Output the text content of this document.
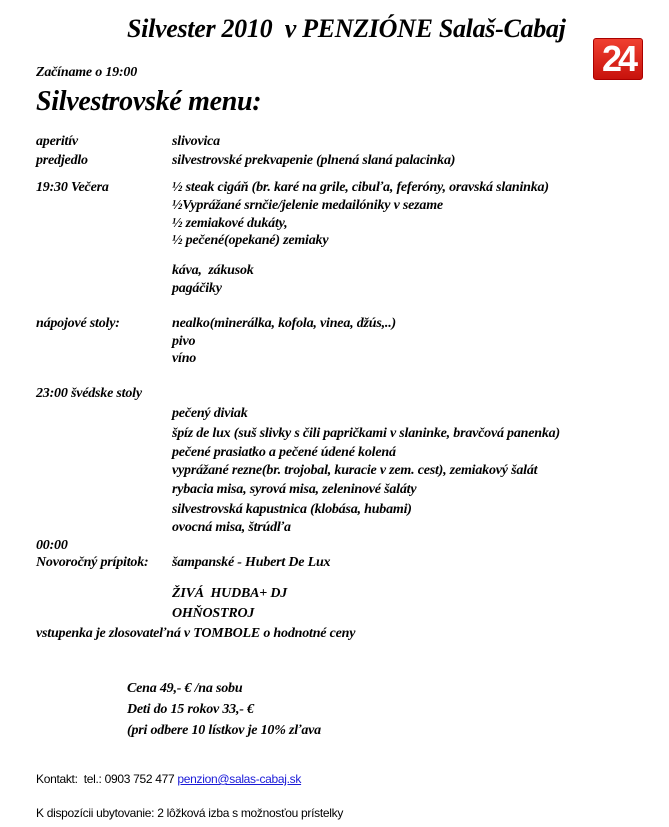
Silvester 2010  v PENZIÓNE Salaš-Cabaj
24
Začíname o 19:00
Silvestrovské menu:
aperitív	slivovica
predjedlo	silvestrovské prekvapenie (plnená slaná palacinka)
19:30 Večera	½ steak cigáň (br. karé na grile, cibuľa, feferóny, oravská slaninka)
½Vyprážané srnčie/jelenie medailóniky v sezame
½ zemiakové dukáty,
½ pečené(opekané) zemiaky
káva,  zákusok
pagáčiky
nápojové stoly:	nealko(minerálka, kofola, vinea, džús,..)
pivo
víno
23:00 švédske stoly
pečený diviak
špíz de lux (suš slivky s čili papričkami v slaninke, bravčová panenka)
pečené prasiatko a pečené údené kolená
vyprážané rezne(br. trojobal, kuracie v zem. cest), zemiakový šalát
rybacia misa, syrová misa, zeleninové šaláty
silvestrovská kapustnica (klobása, hubami)
ovocná misa, štrúdľa
00:00
Novoročný prípitok: šampanské - Hubert De Lux
ŽIVÁ  HUDBA+ DJ
OHŇOSTROJ
vstupenka je zlosovateľná v TOMBOLE o hodnotné ceny
Cena 49,- € /na sobu
Deti do 15 rokov 33,- €
(pri odbere 10 lístkov je 10% zľava
Kontakt:  tel.: 0903 752 477 penzion@salas-cabaj.sk
K dispozícii ubytovanie: 2 lôžková izba s možnosťou prístelky
